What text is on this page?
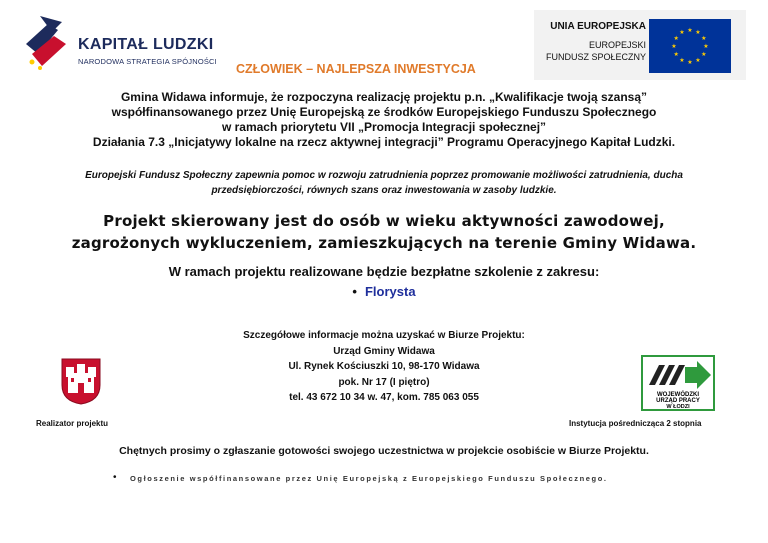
KAPITAŁ LUDZKI
NARODOWA STRATEGIA SPÓJNOŚCI
CZŁOWIEK – NAJLEPSZA INWESTYCJA
UNIA EUROPEJSKA
EUROPEJSKI
FUNDUSZ SPOŁECZNY
★ ★
★
★
★
★
★
★
★
★
★
★
Gmina Widawa informuje, że rozpoczyna realizację projektu p.n. „Kwalifikacje twoją szansą”
współfinansowanego przez Unię Europejską ze środków Europejskiego Funduszu Społecznego
w ramach priorytetu VII „Promocja Integracji społecznej”
Działania 7.3 „Inicjatywy lokalne na rzecz aktywnej integracji” Programu Operacyjnego Kapitał Ludzki.
Europejski Fundusz Społeczny zapewnia pomoc w rozwoju zatrudnienia poprzez promowanie możliwości zatrudnienia, ducha
przedsiębiorczości, równych szans oraz inwestowania w zasoby ludzkie.
Projekt skierowany jest do osób w wieku aktywności zawodowej,
zagrożonych wykluczeniem, zamieszkujących na terenie Gminy Widawa.
W ramach projektu realizowane będzie bezpłatne szkolenie z zakresu:
• Florysta
Szczegółowe informacje można uzyskać w Biurze Projektu:
Urząd Gminy Widawa
Ul. Rynek Kościuszki 10, 98-170 Widawa
pok. Nr 17 (I piętro)
tel. 43 672 10 34 w. 47, kom. 785 063 055	WOJEWÓDZKI
URZĄD PRACY
W ŁODZI
Realizator projektu	Instytucja pośrednicząca 2 stopnia
Chętnych prosimy o zgłaszanie gotowości swojego uczestnictwa w projekcie osobiście w Biurze Projektu.
• Ogłoszenie współfinansowane przez Unię Europejską z Europejskiego Funduszu Społecznego.
